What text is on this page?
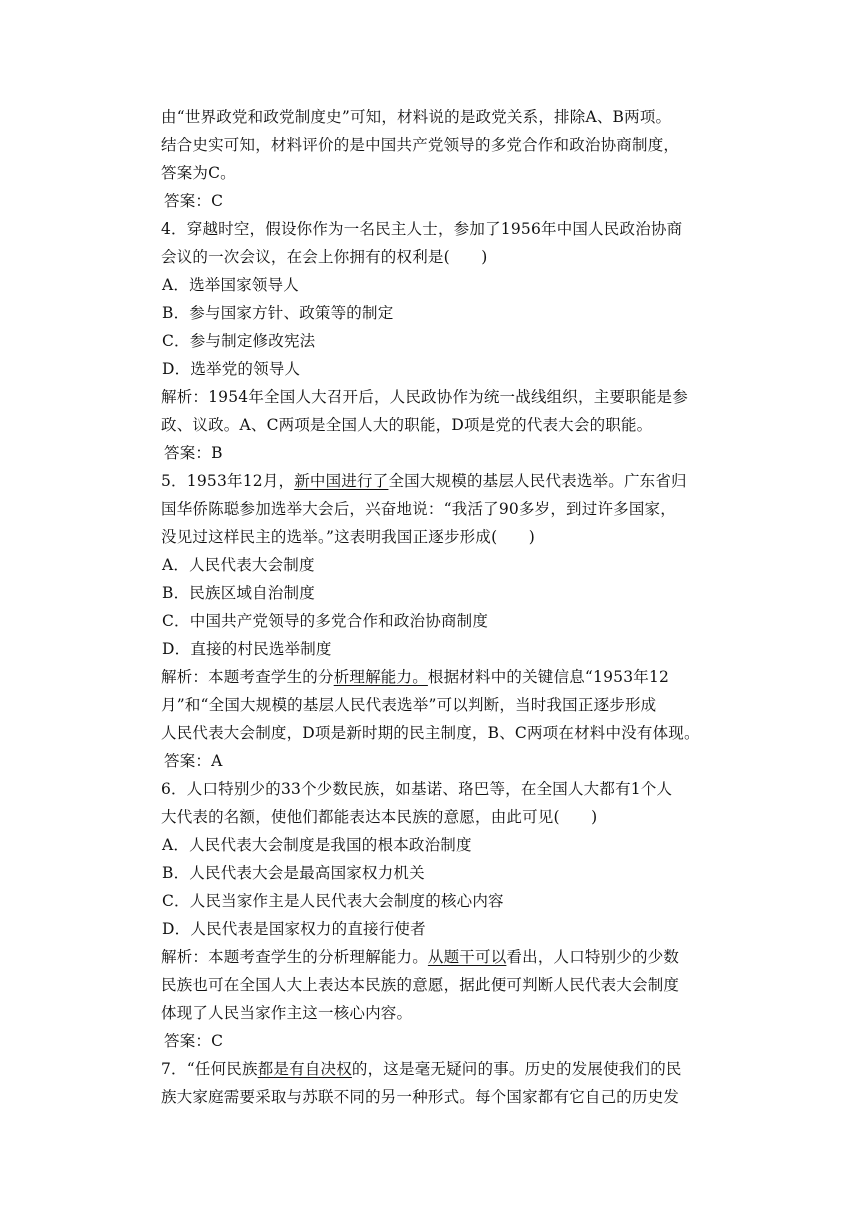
由“世界政党和政党制度史”可知，材料说的是政党关系，排除A、B两项。
结合史实可知，材料评价的是中国共产党领导的多党合作和政治协商制度，
答案为C。
答案：C
4．穿越时空，假设你作为一名民主人士，参加了1956年中国人民政治协商
会议的一次会议，在会上你拥有的权利是(　　)
A．选举国家领导人
B．参与国家方针、政策等的制定
C．参与制定修改宪法
D．选举党的领导人
解析：1954年全国人大召开后，人民政协作为统一战线组织，主要职能是参
政、议政。A、C两项是全国人大的职能，D项是党的代表大会的职能。
答案：B
5．1953年12月，新中国进行了全国大规模的基层人民代表选举。广东省归
国华侨陈聪参加选举大会后，兴奋地说：“我活了90多岁，到过许多国家，
没见过这样民主的选举。”这表明我国正逐步形成(　　)
A．人民代表大会制度
B．民族区域自治制度
C．中国共产党领导的多党合作和政治协商制度
D．直接的村民选举制度
解析：本题考查学生的分析理解能力。根据材料中的关键信息“1953年12
月”和“全国大规模的基层人民代表选举”可以判断，当时我国正逐步形成
人民代表大会制度，D项是新时期的民主制度，B、C两项在材料中没有体现。
答案：A
6．人口特别少的33个少数民族，如基诺、珞巴等，在全国人大都有1个人
大代表的名额，使他们都能表达本民族的意愿，由此可见(　　)
A．人民代表大会制度是我国的根本政治制度
B．人民代表大会是最高国家权力机关
C．人民当家作主是人民代表大会制度的核心内容
D．人民代表是国家权力的直接行使者
解析：本题考查学生的分析理解能力。从题干可以看出，人口特别少的少数
民族也可在全国人大上表达本民族的意愿，据此便可判断人民代表大会制度
体现了人民当家作主这一核心内容。
答案：C
7．“任何民族都是有自决权的，这是毫无疑问的事。历史的发展使我们的民
族大家庭需要采取与苏联不同的另一种形式。每个国家都有它自己的历史发
